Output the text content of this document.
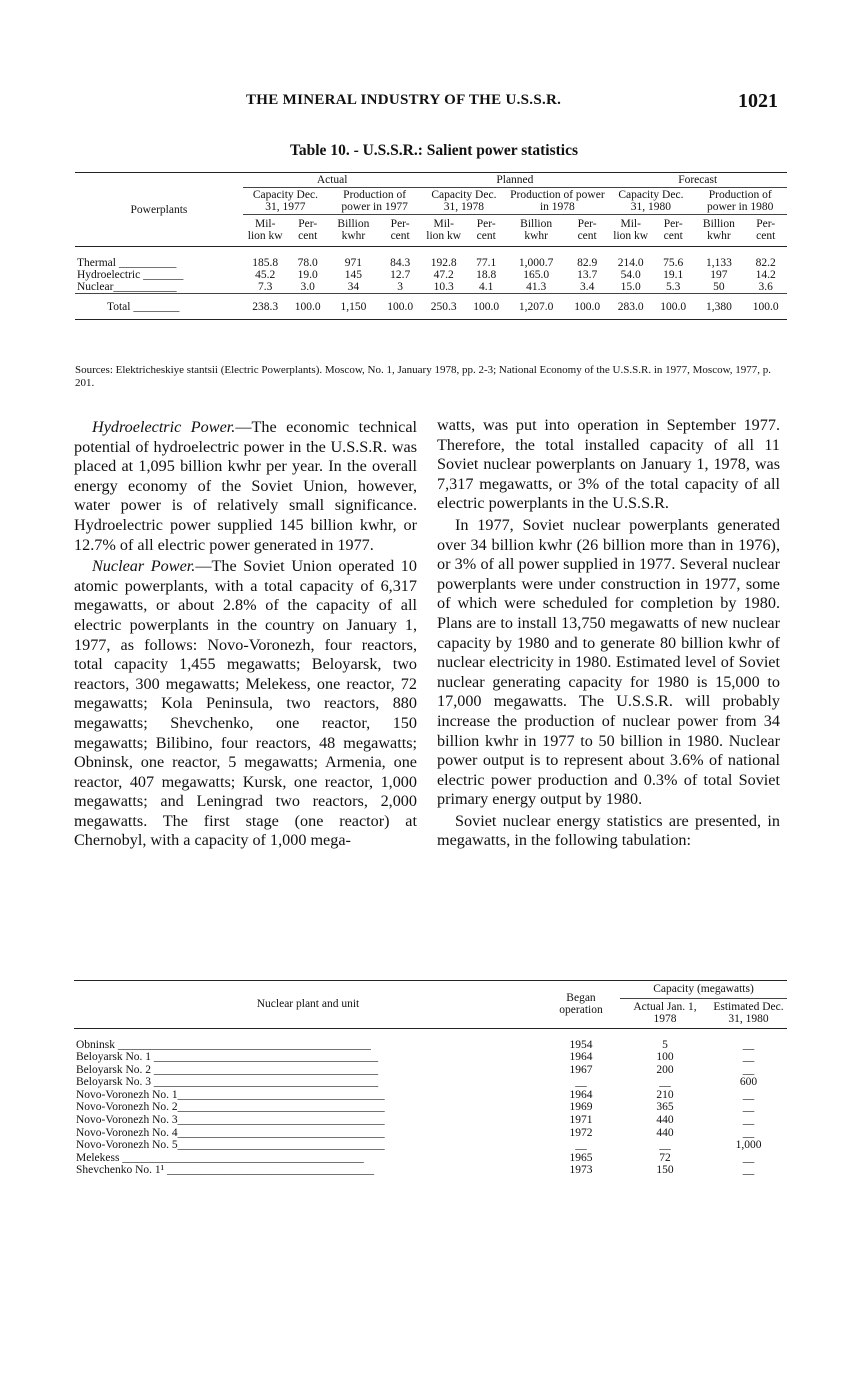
THE MINERAL INDUSTRY OF THE U.S.S.R.	1021
Table 10. - U.S.S.R.: Salient power statistics
Powerplants	Actual				Planned				Forecast			
	Capacity Dec. 31, 1977		Production of power in 1977		Capacity Dec. 31, 1978		Production of power in 1978		Capacity Dec. 31, 1980		Production of power in 1980	
	Mil- lion kw	Per- cent	Billion kwhr	Per- cent	Mil- lion kw	Per- cent	Billion kwhr	Per- cent	Mil- lion kw	Per- cent	Billion kwhr	Per- cent
Thermal __________	185.8	78.0	971	84.3	192.8	77.1	1,000.7	82.9	214.0	75.6	1,133	82.2
Hydroelectric _______	45.2	19.0	145	12.7	47.2	18.8	165.0	13.7	54.0	19.1	197	14.2
Nuclear___________	7.3	3.0	34	3	10.3	4.1	41.3	3.4	15.0	5.3	50	3.6
Total ________	238.3	100.0	1,150	100.0	250.3	100.0	1,207.0	100.0	283.0	100.0	1,380	100.0
Sources: Elektricheskiye stantsii (Electric Powerplants). Moscow, No. 1, January 1978, pp. 2-3; National Economy of the U.S.S.R. in 1977, Moscow, 1977, p. 201.

Hydroelectric Power.—The economic technical potential of hydroelectric power in the U.S.S.R. was placed at 1,095 billion kwhr per year. In the overall energy economy of the Soviet Union, however, water power is of relatively small significance. Hydroelectric power supplied 145 billion kwhr, or 12.7% of all electric power generated in 1977.

Nuclear Power.—The Soviet Union operated 10 atomic powerplants, with a total capacity of 6,317 megawatts, or about 2.8% of the capacity of all electric powerplants in the country on January 1, 1977, as follows: Novo-Voronezh, four reactors, total capacity 1,455 megawatts; Beloyarsk, two reactors, 300 megawatts; Melekess, one reactor, 72 megawatts; Kola Peninsula, two reactors, 880 megawatts; Shevchenko, one reactor, 150 megawatts; Bilibino, four reactors, 48 megawatts; Obninsk, one reactor, 5 megawatts; Armenia, one reactor, 407 megawatts; Kursk, one reactor, 1,000 megawatts; and Leningrad two reactors, 2,000 megawatts. The first stage (one reactor) at Chernobyl, with a capacity of 1,000 mega-

watts, was put into operation in September 1977. Therefore, the total installed capacity of all 11 Soviet nuclear powerplants on January 1, 1978, was 7,317 megawatts, or 3% of the total capacity of all electric powerplants in the U.S.S.R.

In 1977, Soviet nuclear powerplants generated over 34 billion kwhr (26 billion more than in 1976), or 3% of all power supplied in 1977. Several nuclear powerplants were under construction in 1977, some of which were scheduled for completion by 1980. Plans are to install 13,750 megawatts of new nuclear capacity by 1980 and to generate 80 billion kwhr of nuclear electricity in 1980. Estimated level of Soviet nuclear generating capacity for 1980 is 15,000 to 17,000 megawatts. The U.S.S.R. will probably increase the production of nuclear power from 34 billion kwhr in 1977 to 50 billion in 1980. Nuclear power output is to represent about 3.6% of national electric power production and 0.3% of total Soviet primary energy output by 1980.

Soviet nuclear energy statistics are presented, in megawatts, in the following tabulation:

Nuclear plant and unit	Began operation	Capacity (megawatts)	
		Actual Jan. 1, 1978	Estimated Dec. 31, 1980
Obninsk ____________________________________________	1954	5	__
Beloyarsk No. 1 _______________________________________	1964	100	__
Beloyarsk No. 2 _______________________________________	1967	200	__
Beloyarsk No. 3 _______________________________________	__	__	600
Novo-Voronezh No. 1____________________________________	1964	210	__
Novo-Voronezh No. 2____________________________________	1969	365	__
Novo-Voronezh No. 3____________________________________	1971	440	__
Novo-Voronezh No. 4____________________________________	1972	440	__
Novo-Voronezh No. 5____________________________________	__	__	1,000
Melekess __________________________________________	1965	72	__
Shevchenko No. 1¹ ____________________________________	1973	150	__
